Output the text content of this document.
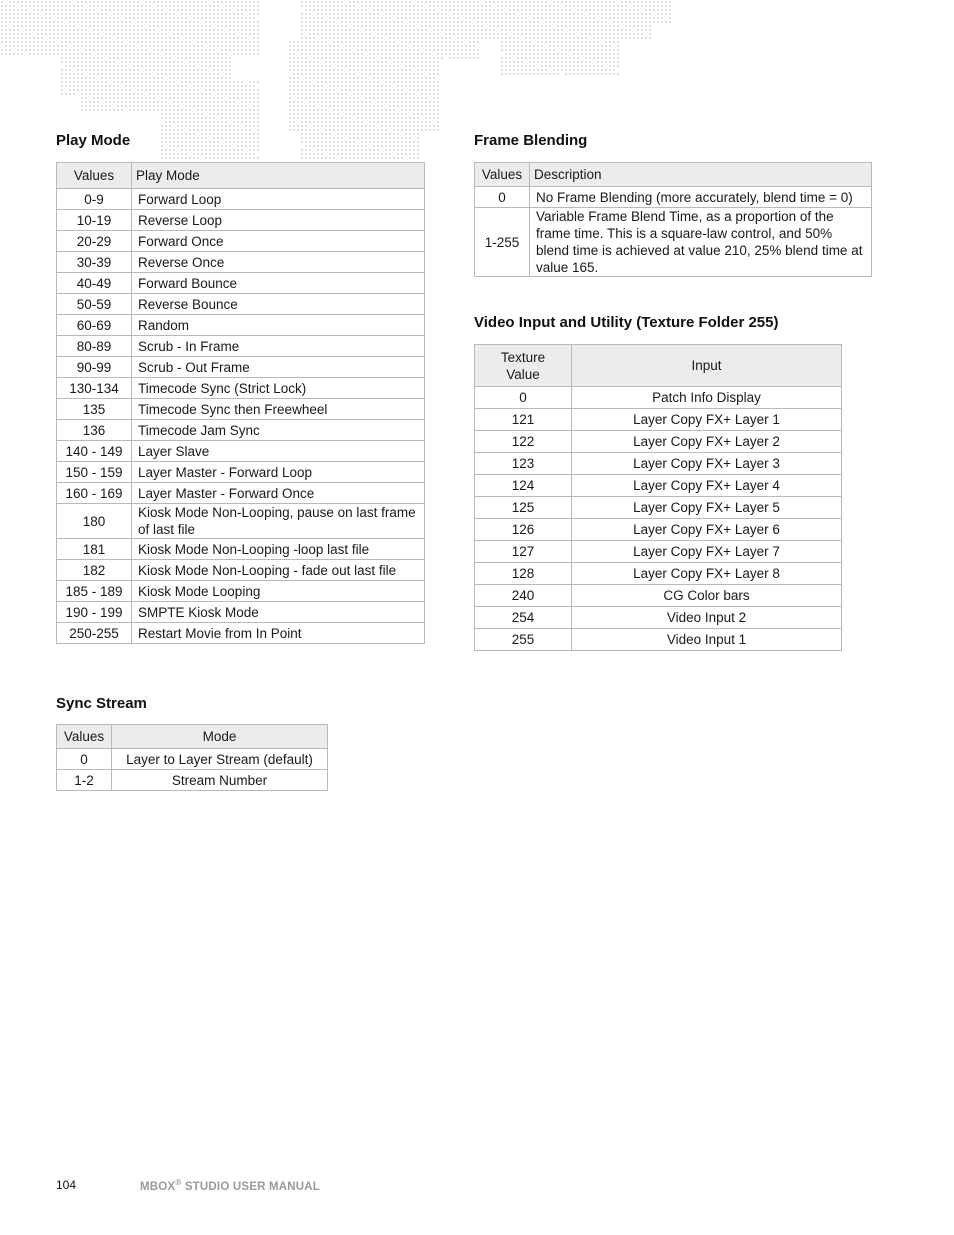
Play Mode
Values	Play Mode
0-9	Forward Loop
10-19	Reverse Loop
20-29	Forward Once
30-39	Reverse Once
40-49	Forward Bounce
50-59	Reverse Bounce
60-69	Random
80-89	Scrub - In Frame
90-99	Scrub - Out Frame
130-134	Timecode Sync (Strict Lock)
135	Timecode Sync then Freewheel
136	Timecode Jam Sync
140 - 149	Layer Slave
150 - 159	Layer Master - Forward Loop
160 - 169	Layer Master - Forward Once
180	Kiosk Mode Non-Looping, pause on last frame of last file
181	Kiosk Mode Non-Looping -loop last file
182	Kiosk Mode Non-Looping - fade out last file
185 - 189	Kiosk Mode Looping
190 - 199	SMPTE Kiosk Mode
250-255	Restart Movie from In Point
Frame Blending
Values	Description
0	No Frame Blending (more accurately, blend time = 0)
1-255	Variable Frame Blend Time, as a proportion of the frame time. This is a square-law control, and 50% blend time is achieved at value 210, 25% blend time at value 165.
Video Input and Utility (Texture Folder 255)
Texture Value	Input
0	Patch Info Display
121	Layer Copy FX+ Layer 1
122	Layer Copy FX+ Layer 2
123	Layer Copy FX+ Layer 3
124	Layer Copy FX+ Layer 4
125	Layer Copy FX+ Layer 5
126	Layer Copy FX+ Layer 6
127	Layer Copy FX+ Layer 7
128	Layer Copy FX+ Layer 8
240	CG Color bars
254	Video Input 2
255	Video Input 1
Sync Stream
Values	Mode
0	Layer to Layer Stream (default)
1-2	Stream Number
104	MBOX® STUDIO USER MANUAL
